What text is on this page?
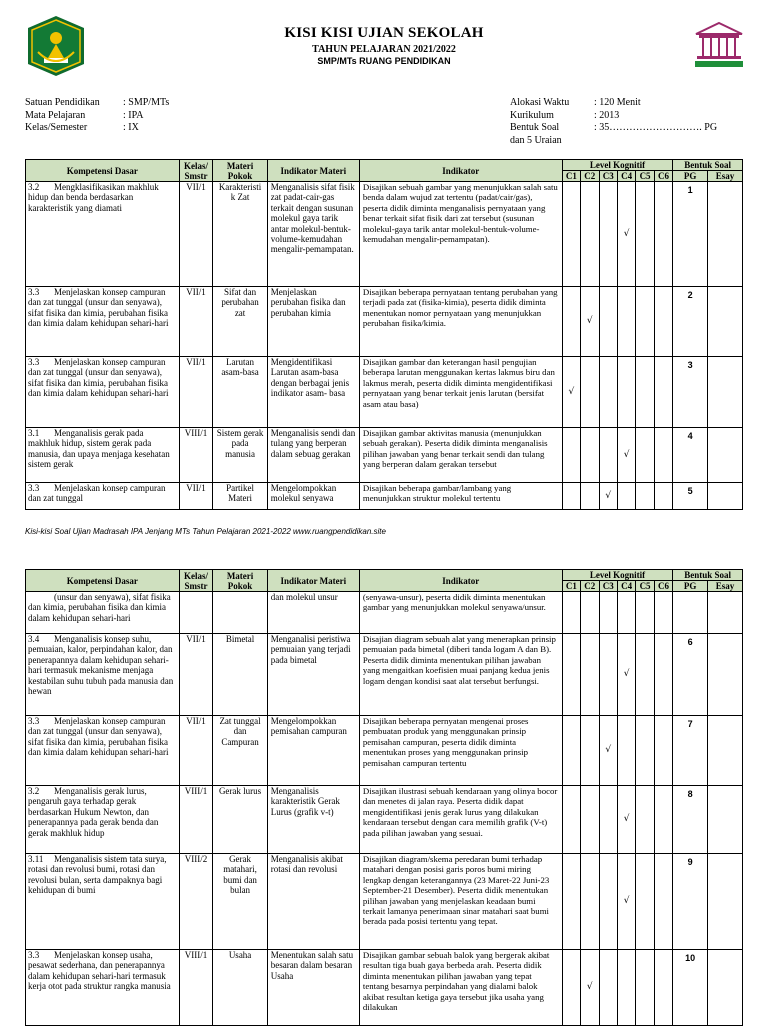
KISI KISI UJIAN SEKOLAH
TAHUN PELAJARAN 2021/2022
SMP/MTs RUANG PENDIDIKAN
Satuan Pendidikan	: SMP/MTs
Mata Pelajaran	: IPA
Kelas/Semester	: IX
Alokasi Waktu	: 120 Menit
Kurikulum	: 2013
Bentuk Soal	: 35………………………. PG
dan 5 Uraian
Kompetensi Dasar	Kelas/ Smstr	Materi Pokok	Indikator Materi	Indikator	Level Kognitif						Bentuk Soal	
					C1	C2	C3	C4	C5	C6	PG	Esay
3.2 Mengklasifikasikan makhluk hidup dan benda berdasarkan karakteristik yang diamati	VII/1	Karakteristi k Zat	Menganalisis sifat fisik zat padat-cair-gas terkait dengan susunan molekul gaya tarik antar molekul-bentuk-volume-kemudahan mengalir-pemampatan.	Disajikan sebuah gambar yang menunjukkan salah satu benda dalam wujud zat tertentu (padat/cair/gas), peserta didik diminta menganalisis pernyataan yang benar terkait sifat fisik dari zat tersebut (susunan molekul-gaya tarik antar molekul-bentuk-volume-kemudahan mengalir-pemampatan).				√			1	
3.3 Menjelaskan konsep campuran dan zat tunggal (unsur dan senyawa), sifat fisika dan kimia, perubahan fisika dan kimia dalam kehidupan sehari-hari	VII/1	Sifat dan perubahan zat	Menjelaskan perubahan fisika dan perubahan kimia	Disajikan beberapa pernyataan tentang perubahan yang terjadi pada zat (fisika-kimia), peserta didik diminta menentukan nomor pernyataan yang menunjukkan perubahan fisika/kimia.		√					2	
3.3 Menjelaskan konsep campuran dan zat tunggal (unsur dan senyawa), sifat fisika dan kimia, perubahan fisika dan kimia dalam kehidupan sehari-hari	VII/1	Larutan asam-basa	Mengidentifikasi Larutan asam-basa dengan berbagai jenis indikator asam- basa	Disajikan gambar dan keterangan hasil pengujian beberapa larutan menggunakan kertas lakmus biru dan lakmus merah, peserta didik diminta mengidentifikasi pernyataan yang benar terkait jenis larutan (bersifat asam atau basa)	√						3	
3.1 Menganalisis gerak pada makhluk hidup, sistem gerak pada manusia, dan upaya menjaga kesehatan sistem gerak	VIII/1	Sistem gerak pada manusia	Menganalisis sendi dan tulang yang berperan dalam sebuag gerakan	Disajikan gambar aktivitas manusia (menunjukkan sebuah gerakan). Peserta didik diminta menganalisis pilihan jawaban yang benar terkait sendi dan tulang yang berperan dalam gerakan tersebut				√			4	
3.3 Menjelaskan konsep campuran dan zat tunggal	VII/1	Partikel Materi	Mengelompokkan molekul senyawa	Disajikan beberapa gambar/lambang yang menunjukkan struktur molekul tertentu			√				5	
Kisi-kisi Soal Ujian Madrasah IPA Jenjang MTs Tahun Pelajaran 2021-2022 www.ruangpendidikan.site
Kompetensi Dasar	Kelas/ Smstr	Materi Pokok	Indikator Materi	Indikator	Level Kognitif						Bentuk Soal	
					C1	C2	C3	C4	C5	C6	PG	Esay
(unsur dan senyawa), sifat fisika dan kimia, perubahan fisika dan kimia dalam kehidupan sehari-hari			dan molekul unsur	(senyawa-unsur), peserta didik diminta menentukan gambar yang menunjukkan molekul senyawa/unsur.								
3.4 Menganalisis konsep suhu, pemuaian, kalor, perpindahan kalor, dan penerapannya dalam kehidupan sehari-hari termasuk mekanisme menjaga kestabilan suhu tubuh pada manusia dan hewan	VII/1	Bimetal	Menganalisi peristiwa pemuaian yang terjadi pada bimetal	Disajian diagram sebuah alat yang menerapkan prinsip pemuaian pada bimetal (diberi tanda logam A dan B). Peserta didik diminta menentukan pilihan jawaban yang mengaitkan koefisien muai panjang kedua jenis logam dengan kondisi saat alat tersebut berfungsi.				√			6	
3.3 Menjelaskan konsep campuran dan zat tunggal (unsur dan senyawa), sifat fisika dan kimia, perubahan fisika dan kimia dalam kehidupan sehari-hari	VII/1	Zat tunggal dan Campuran	Mengelompokkan pemisahan campuran	Disajikan beberapa pernyatan mengenai proses pembuatan produk yang menggunakan prinsip pemisahan campuran, peserta didik diminta menentukan proses yang menggunakan prinsip pemisahan campuran tertentu			√				7	
3.2 Menganalisis gerak lurus, pengaruh gaya terhadap gerak berdasarkan Hukum Newton, dan penerapannya pada gerak benda dan gerak makhluk hidup	VIII/1	Gerak lurus	Menganalisis karakteristik Gerak Lurus (grafik v-t)	Disajikan ilustrasi sebuah kendaraan yang olinya bocor dan menetes di jalan raya. Peserta didik dapat mengidentifikasi jenis gerak lurus yang dilakukan kendaraan tersebut dengan cara memilih grafik (V-t) pada pilihan jawaban yang sesuai.				√			8	
3.11 Menganalisis sistem tata surya, rotasi dan revolusi bumi, rotasi dan revolusi bulan, serta dampaknya bagi kehidupan di bumi	VIII/2	Gerak matahari, bumi dan bulan	Menganalisis akibat rotasi dan revolusi	Disajikan diagram/skema peredaran bumi terhadap matahari dengan posisi garis poros bumi miring lengkap dengan keterangannya (23 Maret-22 Juni-23 September-21 Desember). Peserta didik menentukan pilihan jawaban yang menjelaskan keadaan bumi terkait lamanya penerimaan sinar matahari saat bumi berada pada posisi tertentu yang tepat.				√			9	
3.3 Menjelaskan konsep usaha, pesawat sederhana, dan penerapannya dalam kehidupan sehari-hari termasuk kerja otot pada struktur rangka manusia	VIII/1	Usaha	Menentukan salah satu besaran dalam besaran Usaha	Disajikan gambar sebuah balok yang bergerak akibat resultan tiga buah gaya berbeda arah. Peserta didik diminta menentukan pilihan jawaban yang tepat tentang besarnya perpindahan yang dialami balok akibat resultan ketiga gaya tersebut jika usaha yang dilakukan		√					10	
